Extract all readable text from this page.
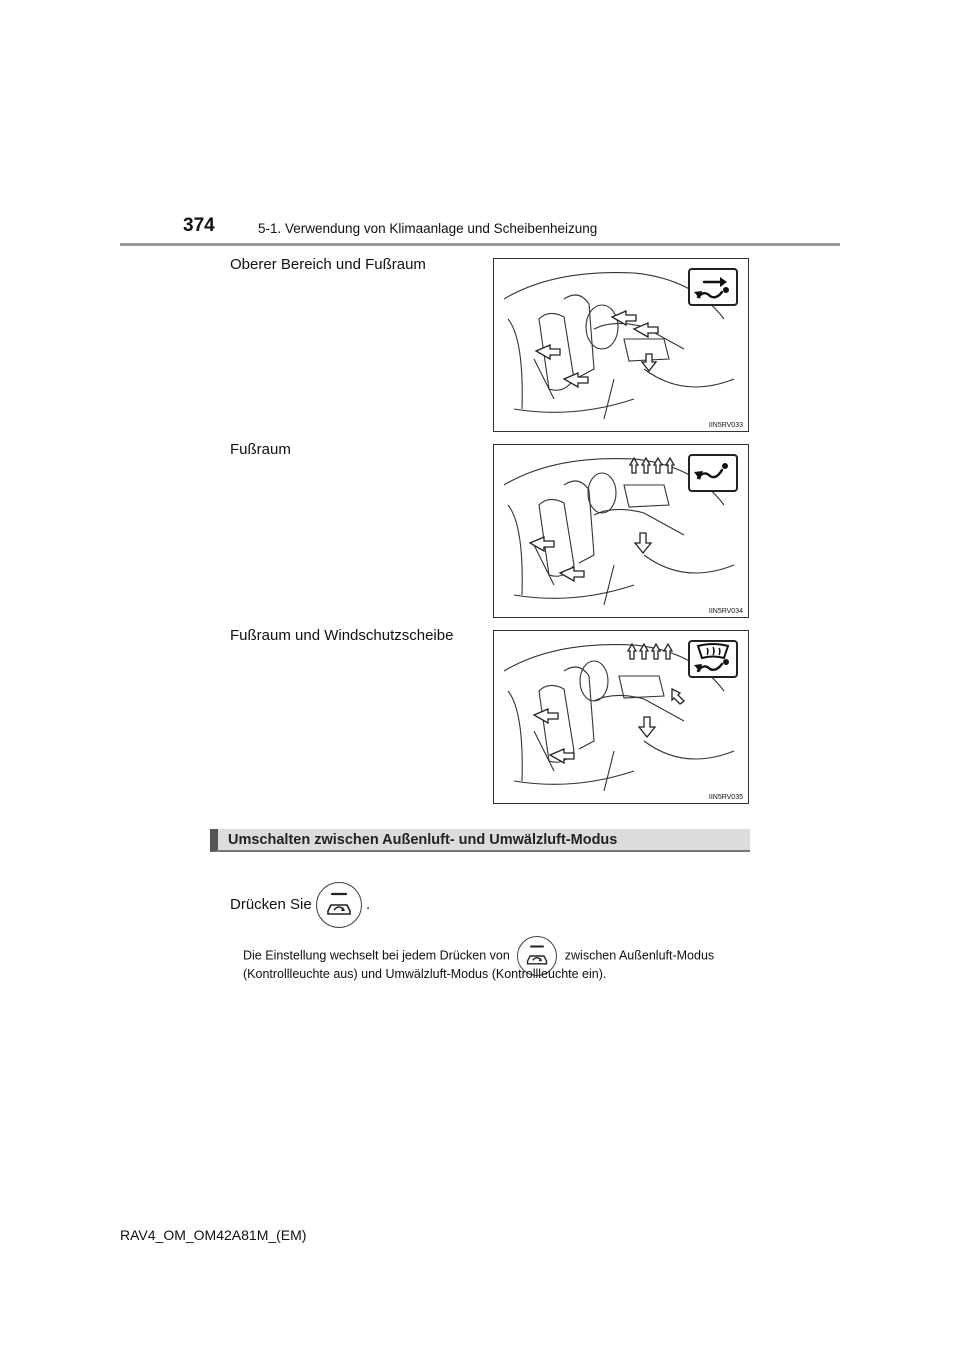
374	5-1. Verwendung von Klimaanlage und Scheibenheizung
Oberer Bereich und Fußraum
IIN5RV033
Fußraum
IIN5RV034
Fußraum und Windschutzscheibe
IIN5RV035
Umschalten zwischen Außenluft- und Umwälzluft-Modus
Drücken Sie	.
Die Einstellung wechselt bei jedem Drücken von	zwischen Außenluft-Modus
(Kontrollleuchte aus) und Umwälzluft-Modus (Kontrollleuchte ein).
RAV4_OM_OM42A81M_(EM)
